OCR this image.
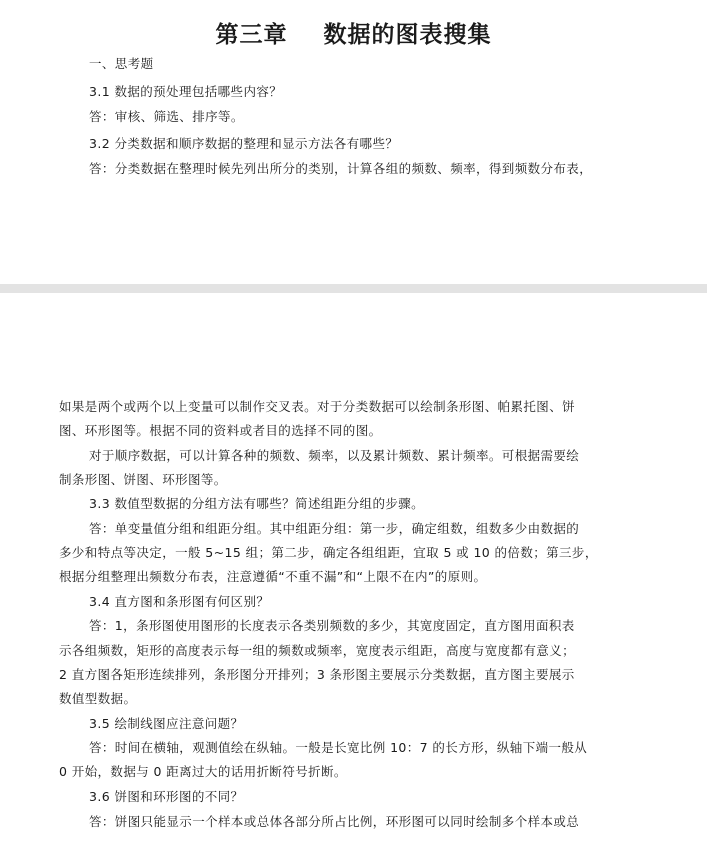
第三章    数据的图表搜集
一、思考题
3.1 数据的预处理包括哪些内容？
答：审核、筛选、排序等。
3.2 分类数据和顺序数据的整理和显示方法各有哪些？
答：分类数据在整理时候先列出所分的类别，计算各组的频数、频率，得到频数分布表，
如果是两个或两个以上变量可以制作交叉表。对于分类数据可以绘制条形图、帕累托图、饼
图、环形图等。根据不同的资料或者目的选择不同的图。
对于顺序数据，可以计算各种的频数、频率，以及累计频数、累计频率。可根据需要绘
制条形图、饼图、环形图等。
3.3 数值型数据的分组方法有哪些？简述组距分组的步骤。
答：单变量值分组和组距分组。其中组距分组：第一步，确定组数，组数多少由数据的
多少和特点等决定，一般 5~15 组；第二步，确定各组组距，宜取 5 或 10 的倍数；第三步，
根据分组整理出频数分布表，注意遵循“不重不漏”和“上限不在内”的原则。
3.4 直方图和条形图有何区别？
答：1，条形图使用图形的长度表示各类别频数的多少，其宽度固定，直方图用面积表
示各组频数，矩形的高度表示每一组的频数或频率，宽度表示组距，高度与宽度都有意义；
2 直方图各矩形连续排列，条形图分开排列；3 条形图主要展示分类数据，直方图主要展示
数值型数据。
3.5 绘制线图应注意问题？
答：时间在横轴，观测值绘在纵轴。一般是长宽比例 10：7 的长方形，纵轴下端一般从
0 开始，数据与 0 距离过大的话用折断符号折断。
3.6 饼图和环形图的不同？
答：饼图只能显示一个样本或总体各部分所占比例，环形图可以同时绘制多个样本或总
